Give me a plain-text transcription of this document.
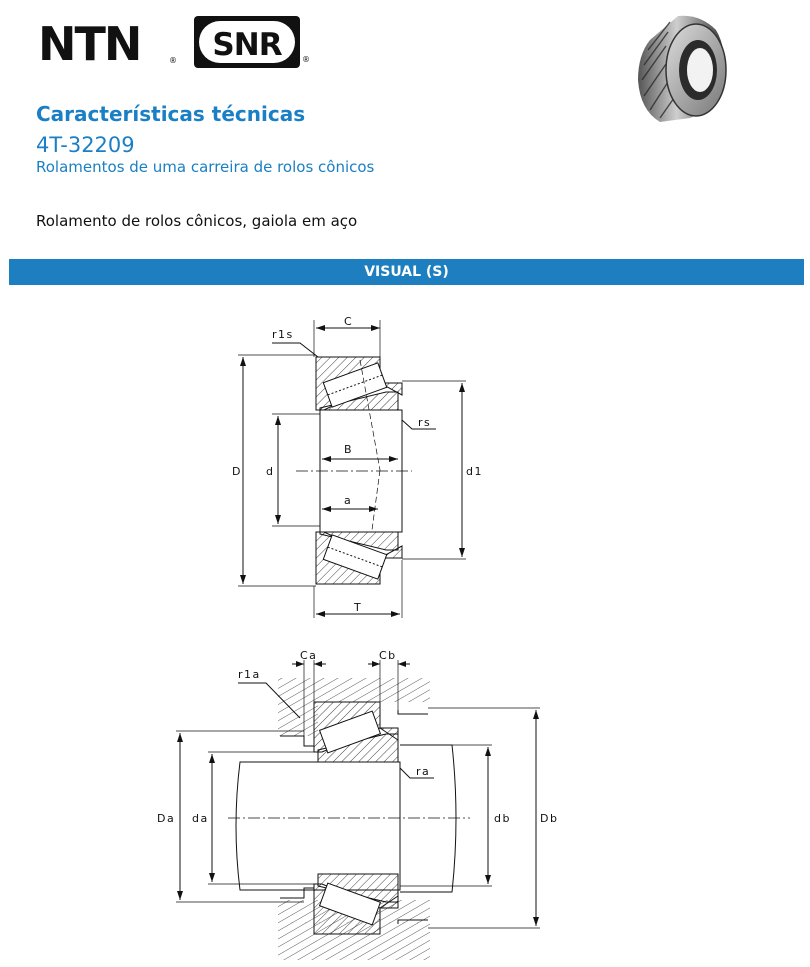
NTN	® SNR	®
Características técnicas
4T-32209
Rolamentos de uma carreira de rolos cônicos
Rolamento de rolos cônicos, gaiola em aço
VISUAL (S)
C
r1s
rs
B
D d	d1
a
T
Ca	Cb
r1a
ra
Da da	db	Db
